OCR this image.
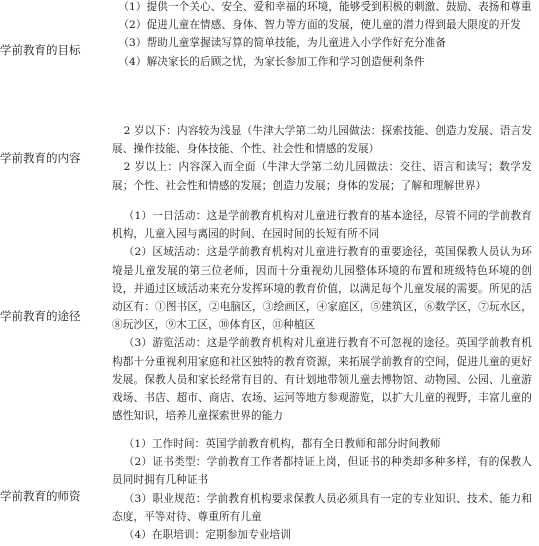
学前教育的目标

（1）提供一个关心、安全、爱和幸福的环境，能够受到积极的刺激、鼓励、表扬和尊重

（2）促进儿童在情感、身体、智力等方面的发展，使儿童的潜力得到最大限度的开发

（3）帮助儿童掌握读写算的简单技能，为儿童进入小学作好充分准备

（4）解决家长的后顾之忧，为家长参加工作和学习创造便利条件

学前教育的内容

2 岁以下：内容较为浅显（牛津大学第二幼儿园做法：探索技能、创造力发展、语言发展、操作技能、身体技能、个性、社会性和情感的发展）

2 岁以上：内容深入而全面（牛津大学第二幼儿园做法：交往、语言和读写；数学发展；个性、社会性和情感的发展；创造力发展；身体的发展；了解和理解世界）

学前教育的途径

（1）一日活动：这是学前教育机构对儿童进行教育的基本途径，尽管不同的学前教育机构，儿童入园与离园的时间、在园时间的长短有所不同

（2）区域活动：这是学前教育机构对儿童进行教育的重要途径，英国保教人员认为环境是儿童发展的第三位老师，因而十分重视幼儿园整体环境的布置和班级特色环境的创设，并通过区域活动来充分发挥环境的教育价值，以满足每个儿童发展的需要。所见的活动区有：①图书区，②电脑区，③绘画区，④家庭区，⑤建筑区，⑥数学区，⑦玩水区，⑧玩沙区，⑨木工区，⑩体育区，⑪种植区

（3）游览活动：这是学前教育机构对儿童进行教育不可忽视的途径。英国学前教育机构都十分重视利用家庭和社区独特的教育资源，来拓展学前教育的空间，促进儿童的更好发展。保教人员和家长经常有目的、有计划地带领儿童去博物馆、动物园、公园、儿童游戏场、书店、超市、商店、农场、运河等地方参观游览，以扩大儿童的视野，丰富儿童的感性知识，培养儿童探索世界的能力

学前教育的师资

（1）工作时间：英国学前教育机构，都有全日教师和部分时间教师

（2）证书类型：学前教育工作者都持证上岗，但证书的种类却多种多样，有的保教人员同时拥有几种证书

（3）职业规范：学前教育机构要求保教人员必须具有一定的专业知识、技术、能力和态度，平等对待、尊重所有儿童

（4）在职培训：定期参加专业培训
